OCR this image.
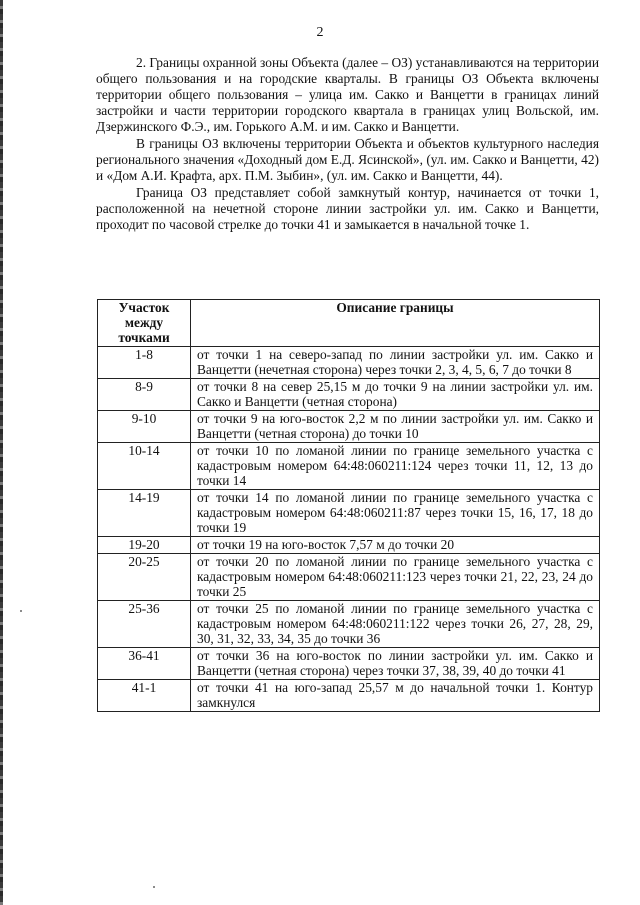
2

2. Границы охранной зоны Объекта (далее – ОЗ) устанавливаются на территории общего пользования и на городские кварталы. В границы ОЗ Объекта включены территории общего пользования – улица им. Сакко и Ванцетти в границах линий застройки и части территории городского квартала в границах улиц Вольской, им. Дзержинского Ф.Э., им. Горького А.М. и им. Сакко и Ванцетти.

В границы ОЗ включены территории Объекта и объектов культурного наследия регионального значения «Доходный дом Е.Д. Ясинской», (ул. им. Сакко и Ванцетти, 42) и «Дом А.И. Крафта, арх. П.М. Зыбин», (ул. им. Сакко и Ванцетти, 44).

Граница ОЗ представляет собой замкнутый контур, начинается от точки 1, расположенной на нечетной стороне линии застройки ул. им. Сакко и Ванцетти, проходит по часовой стрелке до точки 41 и замыкается в начальной точке 1.

Участок между точками	Описание границы
1-8	от точки 1 на северо-запад по линии застройки ул. им. Сакко и Ванцетти (нечетная сторона) через точки 2, 3, 4, 5, 6, 7 до точки 8
8-9	от точки 8 на север 25,15 м до точки 9 на линии застройки ул. им. Сакко и Ванцетти (четная сторона)
9-10	от точки 9 на юго-восток 2,2 м по линии застройки ул. им. Сакко и Ванцетти (четная сторона) до точки 10
10-14	от точки 10 по ломаной линии по границе земельного участка с кадастровым номером 64:48:060211:124 через точки 11, 12, 13 до точки 14
14-19	от точки 14 по ломаной линии по границе земельного участка с кадастровым номером 64:48:060211:87 через точки 15, 16, 17, 18 до точки 19
19-20	от точки 19 на юго-восток 7,57 м до точки 20
20-25	от точки 20 по ломаной линии по границе земельного участка с кадастровым номером 64:48:060211:123 через точки 21, 22, 23, 24 до точки 25
25-36	от точки 25 по ломаной линии по границе земельного участка с кадастровым номером 64:48:060211:122 через точки 26, 27, 28, 29, 30, 31, 32, 33, 34, 35 до точки 36
36-41	от точки 36 на юго-восток по линии застройки ул. им. Сакко и Ванцетти (четная сторона) через точки 37, 38, 39, 40 до точки 41
41-1	от точки 41 на юго-запад 25,57 м до начальной точки 1. Контур замкнулся
